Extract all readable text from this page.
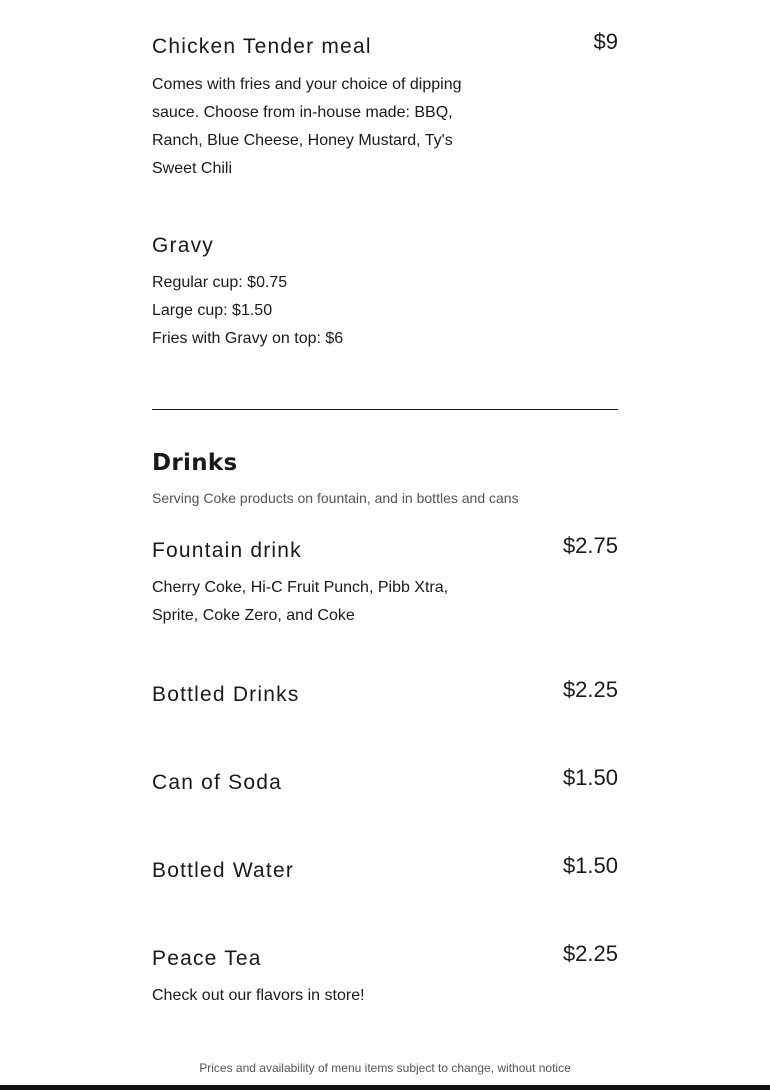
Chicken Tender meal	$9

Comes with fries and your choice of dipping
sauce. Choose from in-house made: BBQ,
Ranch, Blue Cheese, Honey Mustard, Ty's
Sweet Chili

Gravy

Regular cup: $0.75
Large cup: $1.50
Fries with Gravy on top: $6

Drinks
Serving Coke products on fountain, and in bottles and cans
Fountain drink	$2.75

Cherry Coke, Hi-C Fruit Punch, Pibb Xtra,
Sprite, Coke Zero, and Coke

Bottled Drinks	$2.25
Can of Soda	$1.50
Bottled Water	$1.50
Peace Tea	$2.25

Check out our flavors in store!

Prices and availability of menu items subject to change, without notice
